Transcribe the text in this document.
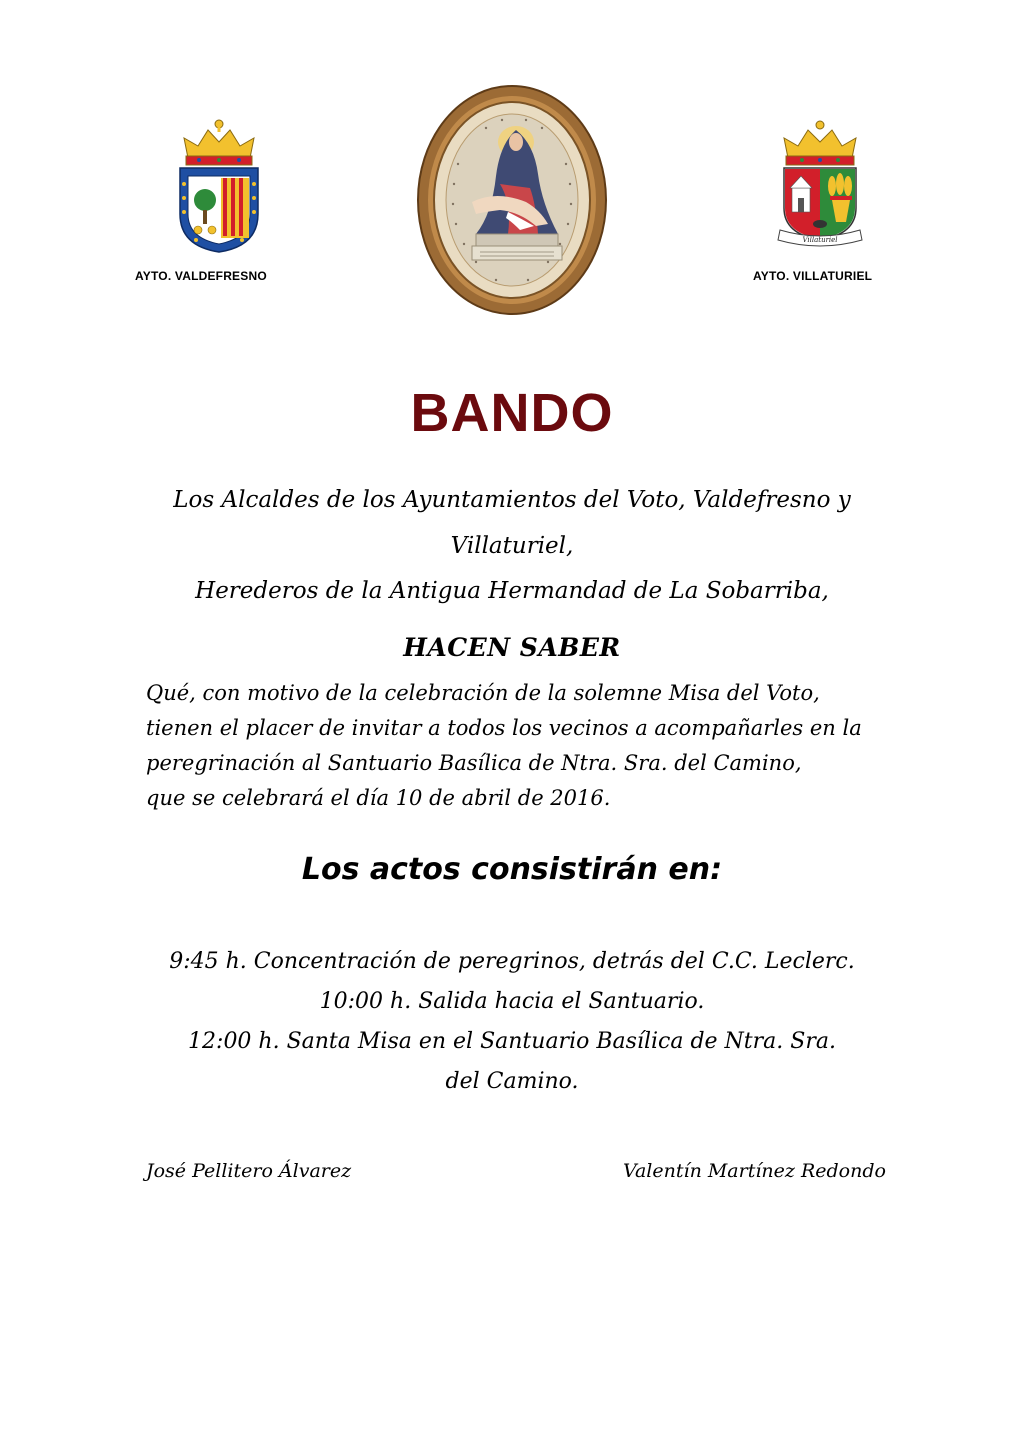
AYTO. VALDEFRESNO
Villaturiel
AYTO. VILLATURIEL
BANDO

Los Alcaldes de los Ayuntamientos del Voto, Valdefresno y

Villaturiel,

Herederos de la Antigua Hermandad de La Sobarriba,
HACEN SABER

Qué, con motivo de la celebración de la solemne Misa del Voto,

tienen el placer de invitar a todos los vecinos a acompañarles en la

peregrinación al Santuario Basílica de Ntra. Sra. del Camino,

que se celebrará el día 10 de abril de 2016.

Los actos consistirán en:

9:45 h. Concentración de peregrinos, detrás del C.C. Leclerc.

10:00 h. Salida hacia el Santuario.

12:00 h. Santa Misa en el Santuario Basílica de Ntra. Sra.

del Camino.

José Pellitero Álvarez	Valentín Martínez Redondo
